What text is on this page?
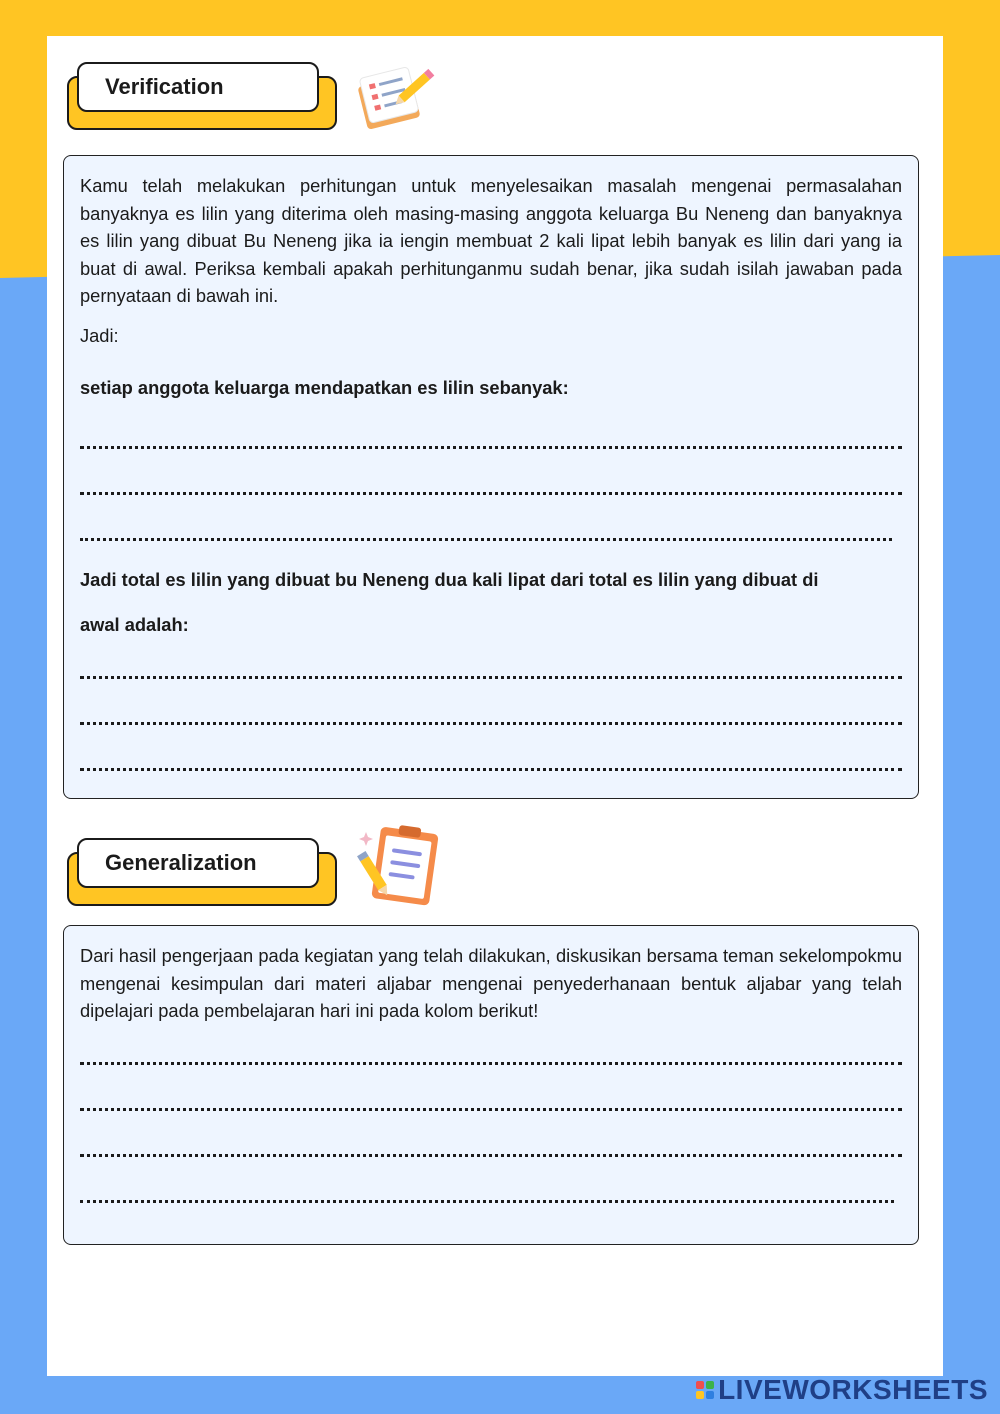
Verification

Kamu telah melakukan perhitungan untuk menyelesaikan masalah mengenai permasalahan banyaknya es lilin yang diterima oleh masing-masing anggota keluarga Bu Neneng dan banyaknya es lilin yang dibuat Bu Neneng jika ia iengin membuat 2 kali lipat lebih banyak es lilin dari yang ia buat di awal. Periksa kembali apakah perhitunganmu sudah benar, jika sudah isilah jawaban pada pernyataan di bawah ini.

Jadi:

setiap anggota keluarga mendapatkan es lilin sebanyak:

Jadi total es lilin yang dibuat bu Neneng dua kali lipat dari total es lilin yang dibuat di

awal adalah:

Generalization

Dari hasil pengerjaan pada kegiatan yang telah dilakukan, diskusikan bersama teman sekelompokmu mengenai kesimpulan dari materi aljabar mengenai penyederhanaan bentuk aljabar yang telah dipelajari pada pembelajaran hari ini pada kolom berikut!

LIVEWORKSHEETS
